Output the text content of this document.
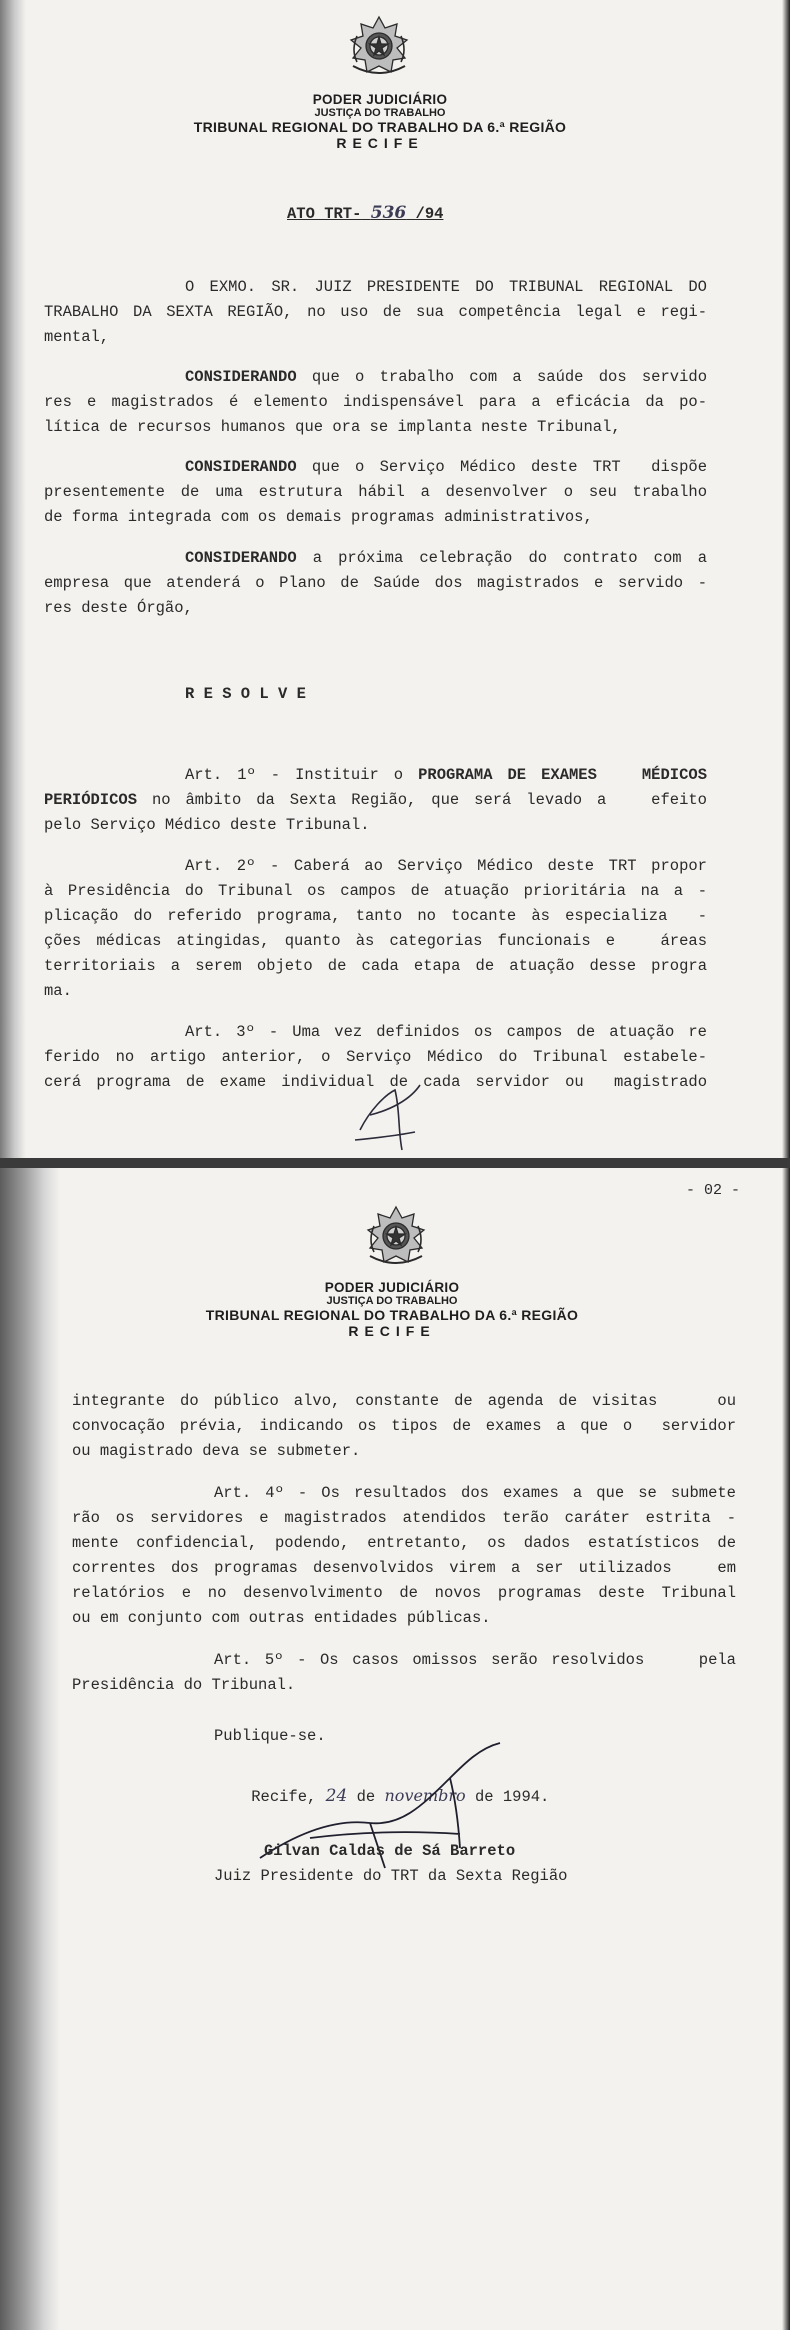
PODER JUDICIÁRIO
JUSTIÇA DO TRABALHO
TRIBUNAL REGIONAL DO TRABALHO DA 6.ª REGIÃO
RECIFE
ATO TRT- 536 /94
O EXMO. SR. JUIZ PRESIDENTE DO TRIBUNAL REGIONAL DO
TRABALHO DA SEXTA REGIÃO, no uso de sua competência legal e regi-
mental,
CONSIDERANDO que o trabalho com a saúde dos servido
res e magistrados é elemento indispensável para a eficácia da po-
lítica de recursos humanos que ora se implanta neste Tribunal,
CONSIDERANDO que o Serviço Médico deste TRT  dispõe
presentemente de uma estrutura hábil a desenvolver o seu trabalho
de forma integrada com os demais programas administrativos,
CONSIDERANDO a próxima celebração do contrato com a
empresa que atenderá o Plano de Saúde dos magistrados e servido -
res deste Órgão,
R E S O L V E
Art. 1º - Instituir o PROGRAMA DE EXAMES   MÉDICOS
PERIÓDICOS no âmbito da Sexta Região, que será levado a   efeito
pelo Serviço Médico deste Tribunal.
Art. 2º - Caberá ao Serviço Médico deste TRT propor
à Presidência do Tribunal os campos de atuação prioritária na a -
plicação do referido programa, tanto no tocante às especializa  -
ções médicas atingidas, quanto às categorias funcionais e   áreas
territoriais a serem objeto de cada etapa de atuação desse progra
ma.
Art. 3º - Uma vez definidos os campos de atuação re
ferido no artigo anterior, o Serviço Médico do Tribunal estabele-
cerá programa de exame individual de cada servidor ou  magistrado
- 02 -
PODER JUDICIÁRIO
JUSTIÇA DO TRABALHO
TRIBUNAL REGIONAL DO TRABALHO DA 6.ª REGIÃO
RECIFE
integrante do público alvo, constante de agenda de visitas    ou
convocação prévia, indicando os tipos de exames a que o  servidor
ou magistrado deva se submeter.
Art. 4º - Os resultados dos exames a que se submete
rão os servidores e magistrados atendidos terão caráter estrita -
mente confidencial, podendo, entretanto, os dados estatísticos de
correntes dos programas desenvolvidos virem a ser utilizados   em
relatórios e no desenvolvimento de novos programas deste Tribunal
ou em conjunto com outras entidades públicas.
Art. 5º - Os casos omissos serão resolvidos    pela
Presidência do Tribunal.
Publique-se.

Recife, 24 de novembro de 1994.

Gilvan Caldas de Sá Barreto
Juiz Presidente do TRT da Sexta Região
